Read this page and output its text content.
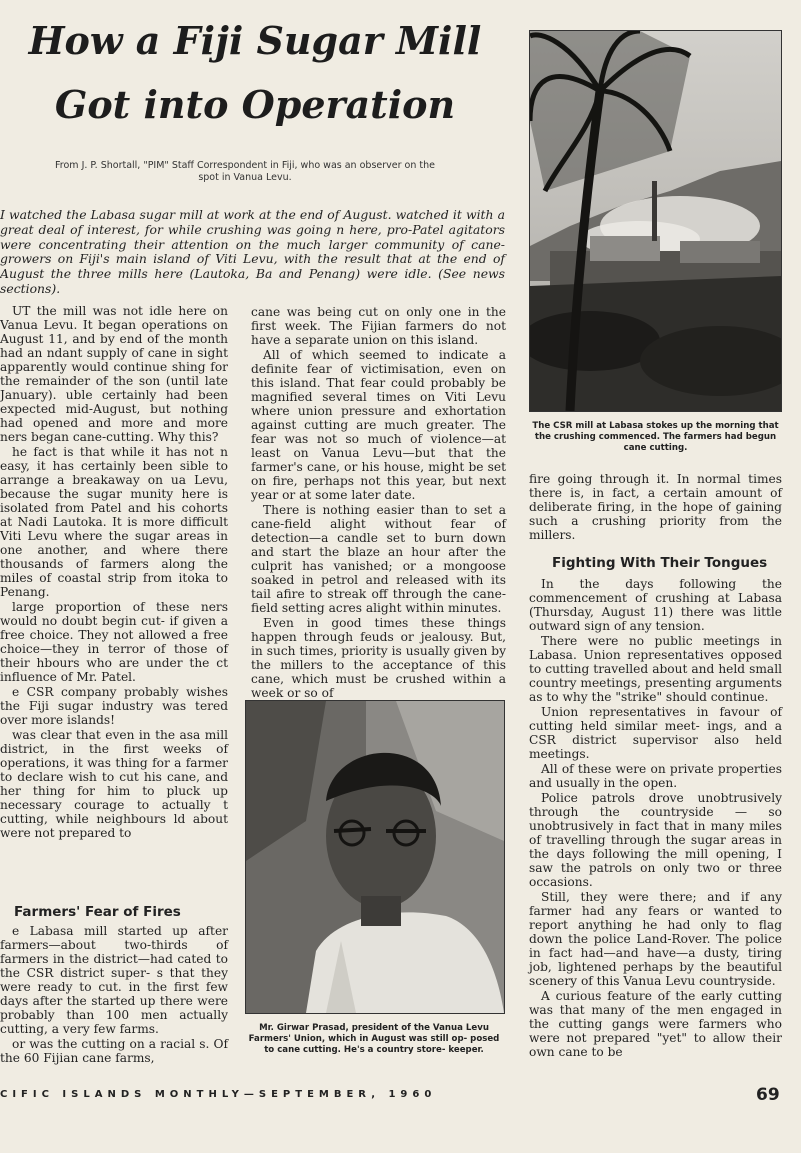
How a Fiji Sugar Mill
Got into Operation
From J. P. Shortall, "PIM" Staff Correspondent in Fiji, who was an observer on the spot in Vanua Levu.
I watched the Labasa sugar mill at work at the end of August. watched it with a great deal of interest, for while crushing was going n here, pro-Patel agitators were concentrating their attention on the much larger community of cane-growers on Fiji's main island of Viti Levu, with the result that at the end of August the three mills here (Lautoka, Ba and Penang) were idle. (See news sections).

UT the mill was not idle here on Vanua Levu. It began operations on August 11, and by end of the month had an ndant supply of cane in sight apparently would continue shing for the remainder of the son (until late January). uble certainly had been expected mid-August, but nothing had opened and more and more ners began cane-cutting. Why this?

he fact is that while it has not n easy, it has certainly been sible to arrange a breakaway on ua Levu, because the sugar munity here is isolated from Patel and his cohorts at Nadi Lautoka. It is more difficult Viti Levu where the sugar areas in one another, and where there thousands of farmers along the miles of coastal strip from itoka to Penang.

large proportion of these ners would no doubt begin cut- if given a free choice. They not allowed a free choice—they in terror of those of their hbours who are under the ct influence of Mr. Patel.

e CSR company probably wishes the Fiji sugar industry was tered over more islands!

was clear that even in the asa mill district, in the first weeks of operations, it was thing for a farmer to declare wish to cut his cane, and her thing for him to pluck up necessary courage to actually t cutting, while neighbours ld about were not prepared to

Farmers' Fear of Fires

e Labasa mill started up after farmers—about two-thirds of farmers in the district—had cated to the CSR district super- s that they were ready to cut. in the first few days after the started up there were probably than 100 men actually cutting, a very few farms.

or was the cutting on a racial s. Of the 60 Fijian cane farms,

cane was being cut on only one in the first week. The Fijian farmers do not have a separate union on this island.

All of which seemed to indicate a definite fear of victimisation, even on this island. That fear could probably be magnified several times on Viti Levu where union pressure and exhortation against cutting are much greater. The fear was not so much of violence—at least on Vanua Levu—but that the farmer's cane, or his house, might be set on fire, perhaps not this year, but next year or at some later date.

There is nothing easier than to set a cane-field alight without fear of detection—a candle set to burn down and start the blaze an hour after the culprit has vanished; or a mongoose soaked in petrol and released with its tail afire to streak off through the cane-field setting acres alight within minutes.

Even in good times these things happen through feuds or jealousy. But, in such times, priority is usually given by the millers to the acceptance of this cane, which must be crushed within a week or so of

The CSR mill at Labasa stokes up the morning that the crushing commenced. The farmers had begun cane cutting.

fire going through it. In normal times there is, in fact, a certain amount of deliberate firing, in the hope of gaining such a crushing priority from the millers.

Fighting With Their Tongues

In the days following the commencement of crushing at Labasa (Thursday, August 11) there was little outward sign of any tension.

There were no public meetings in Labasa. Union representatives opposed to cutting travelled about and held small country meetings, presenting arguments as to why the "strike" should continue.

Union representatives in favour of cutting held similar meet- ings, and a CSR district supervisor also held meetings.

All of these were on private properties and usually in the open.

Police patrols drove unobtrusively through the countryside — so unobtrusively in fact that in many miles of travelling through the sugar areas in the days following the mill opening, I saw the patrols on only two or three occasions.

Still, they were there; and if any farmer had any fears or wanted to report anything he had only to flag down the police Land-Rover. The police in fact had—and have—a dusty, tiring job, lightened perhaps by the beautiful scenery of this Vanua Levu countryside.

A curious feature of the early cutting was that many of the men engaged in the cutting gangs were farmers who were not prepared "yet" to allow their own cane to be

Mr. Girwar Prasad, president of the Vanua Levu Farmers' Union, which in August was still op- posed to cane cutting. He's a country store- keeper.

CIFIC ISLANDS MONTHLY—SEPTEMBER, 1960	69
